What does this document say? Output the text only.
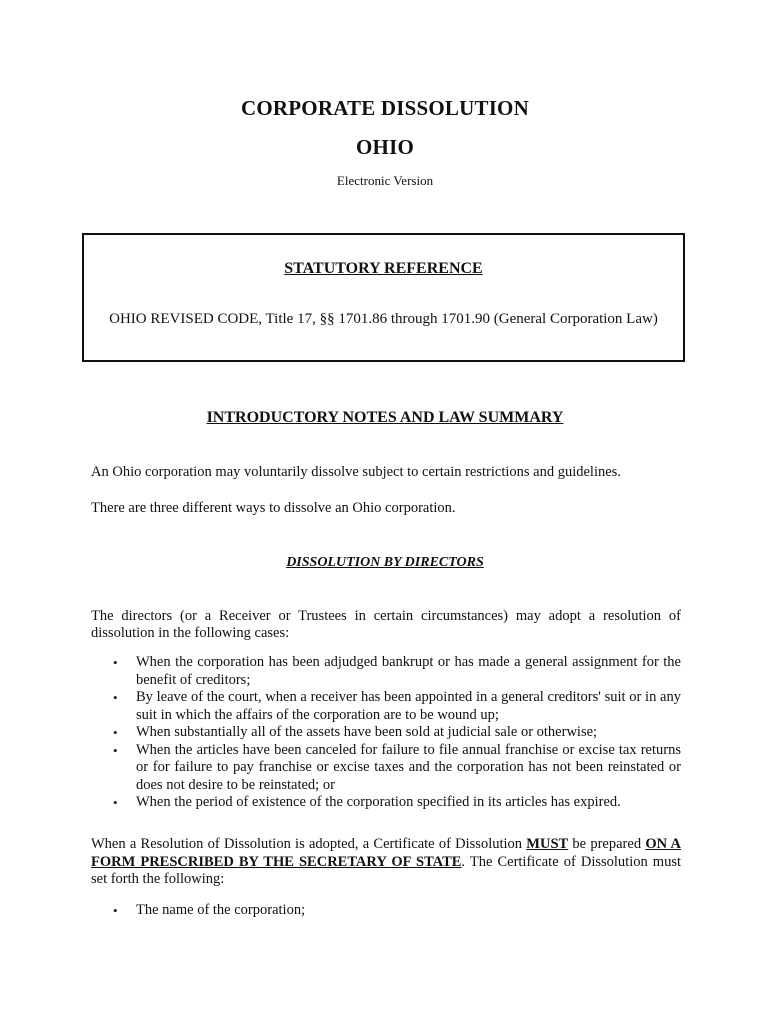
CORPORATE DISSOLUTION
OHIO
Electronic Version
STATUTORY REFERENCE
OHIO REVISED CODE, Title 17, §§ 1701.86 through 1701.90 (General Corporation Law)
INTRODUCTORY NOTES AND LAW SUMMARY
An Ohio corporation may voluntarily dissolve subject to certain restrictions and guidelines.
There are three different ways to dissolve an Ohio corporation.
DISSOLUTION BY DIRECTORS
The directors (or a Receiver or Trustees in certain circumstances) may adopt a resolution of dissolution in the following cases:
• When the corporation has been adjudged bankrupt or has made a general assignment for the benefit of creditors;
• By leave of the court, when a receiver has been appointed in a general creditors' suit or in any suit in which the affairs of the corporation are to be wound up;
• When substantially all of the assets have been sold at judicial sale or otherwise;
• When the articles have been canceled for failure to file annual franchise or excise tax returns or for failure to pay franchise or excise taxes and the corporation has not been reinstated or does not desire to be reinstated; or
• When the period of existence of the corporation specified in its articles has expired.
When a Resolution of Dissolution is adopted, a Certificate of Dissolution MUST be prepared ON A FORM PRESCRIBED BY THE SECRETARY OF STATE. The Certificate of Dissolution must set forth the following:
• The name of the corporation;
